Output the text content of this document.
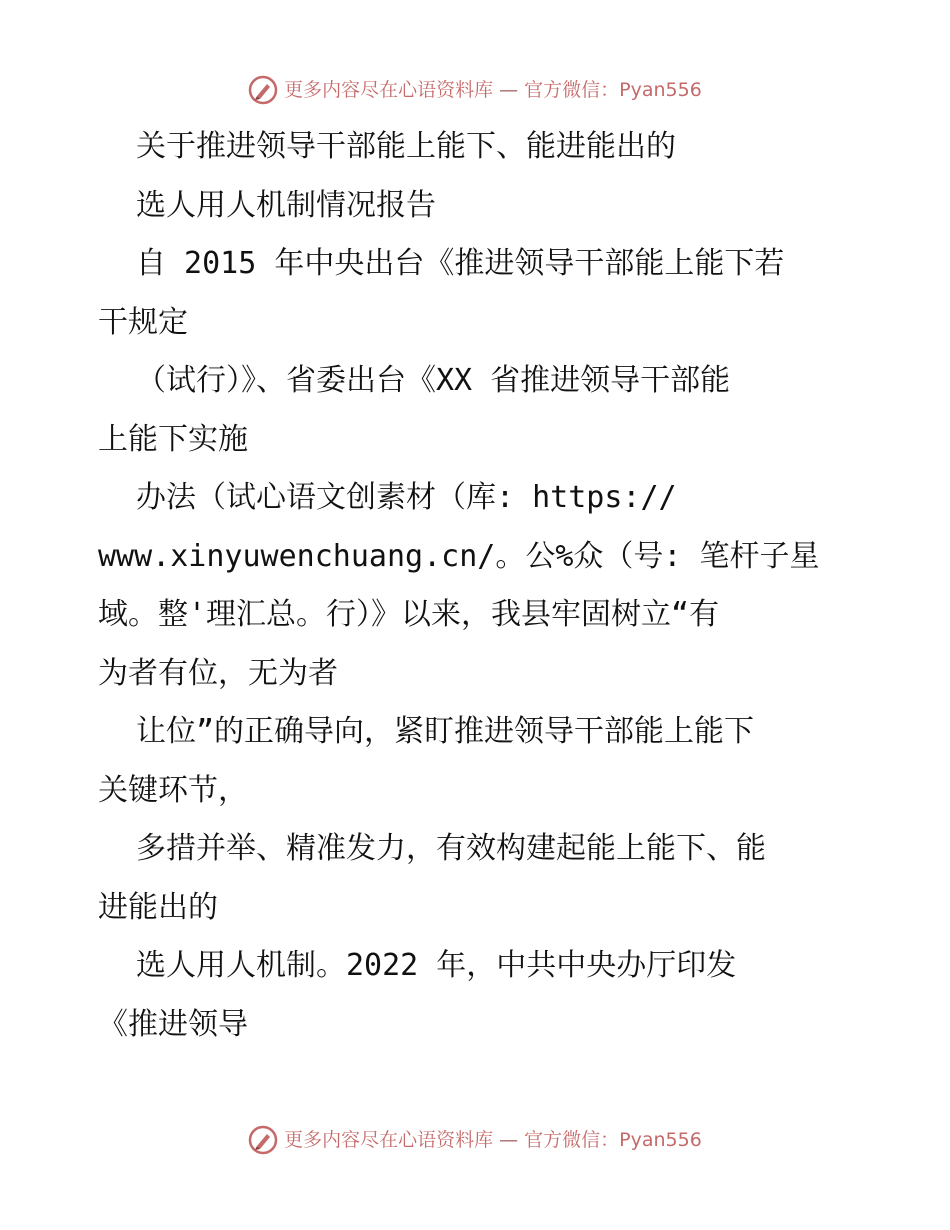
更多内容尽在心语资料库 — 官方微信：Pyan556
关于推进领导干部能上能下、能进能出的
选人用人机制情况报告
自 2015 年中央出台《推进领导干部能上能下若
干规定
（试行）》、省委出台《XX 省推进领导干部能
上能下实施
办法（试心语文创素材（库: https://
www.xinyuwenchuang.cn/。公%众（号: 笔杆子星
域。整'理汇总。行）》以来，我县牢固树立“有
为者有位，无为者
让位”的正确导向，紧盯推进领导干部能上能下
关键环节，
多措并举、精准发力，有效构建起能上能下、能
进能出的
选人用人机制。2022 年，中共中央办厅印发
《推进领导
更多内容尽在心语资料库 — 官方微信：Pyan556
